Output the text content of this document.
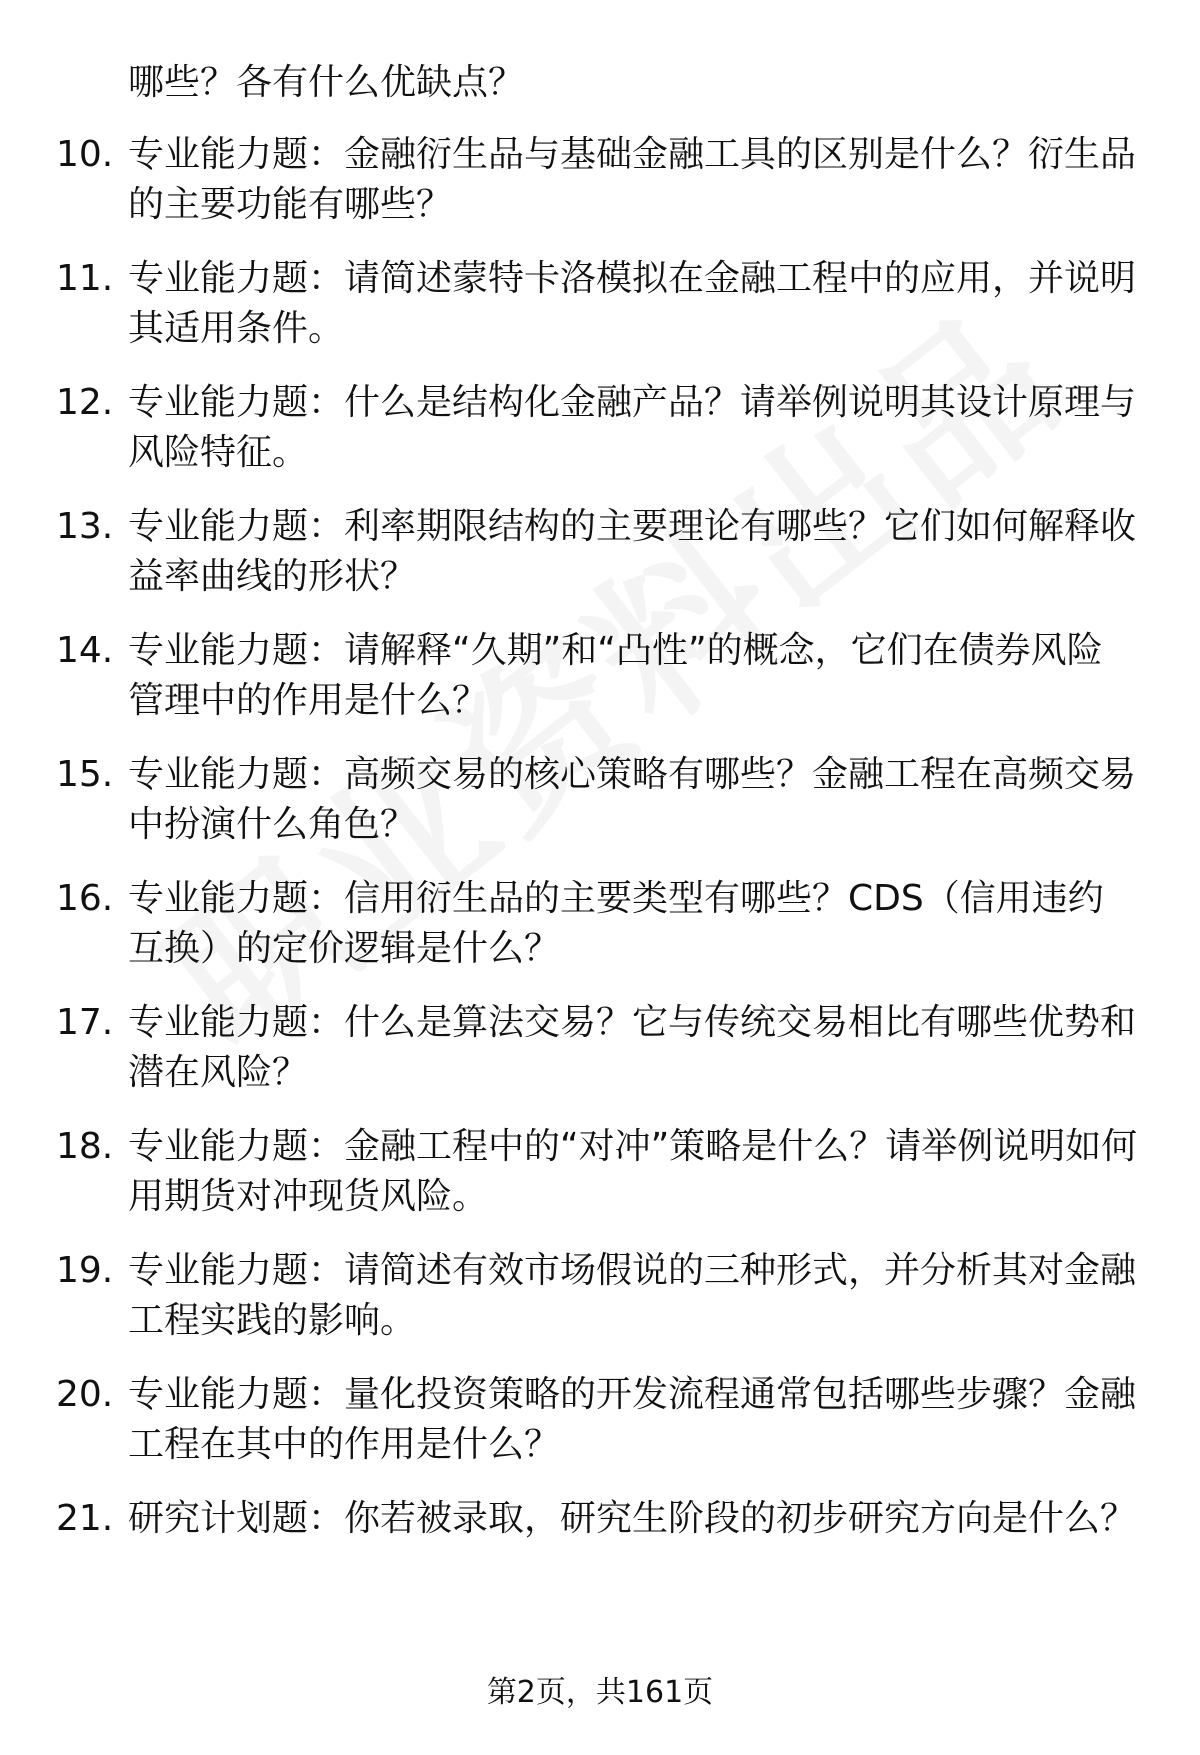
哪些？各有什么优缺点？
10. 专业能力题：金融衍生品与基础金融工具的区别是什么？衍生品的主要功能有哪些？
11. 专业能力题：请简述蒙特卡洛模拟在金融工程中的应用，并说明其适用条件。
12. 专业能力题：什么是结构化金融产品？请举例说明其设计原理与风险特征。
13. 专业能力题：利率期限结构的主要理论有哪些？它们如何解释收益率曲线的形状？
14. 专业能力题：请解释“久期”和“凸性”的概念，它们在债券风险管理中的作用是什么？
15. 专业能力题：高频交易的核心策略有哪些？金融工程在高频交易中扮演什么角色？
16. 专业能力题：信用衍生品的主要类型有哪些？CDS（信用违约互换）的定价逻辑是什么？
17. 专业能力题：什么是算法交易？它与传统交易相比有哪些优势和潜在风险？
18. 专业能力题：金融工程中的“对冲”策略是什么？请举例说明如何用期货对冲现货风险。
19. 专业能力题：请简述有效市场假说的三种形式，并分析其对金融工程实践的影响。
20. 专业能力题：量化投资策略的开发流程通常包括哪些步骤？金融工程在其中的作用是什么？
21. 研究计划题：你若被录取，研究生阶段的初步研究方向是什么？
第2页，共161页
